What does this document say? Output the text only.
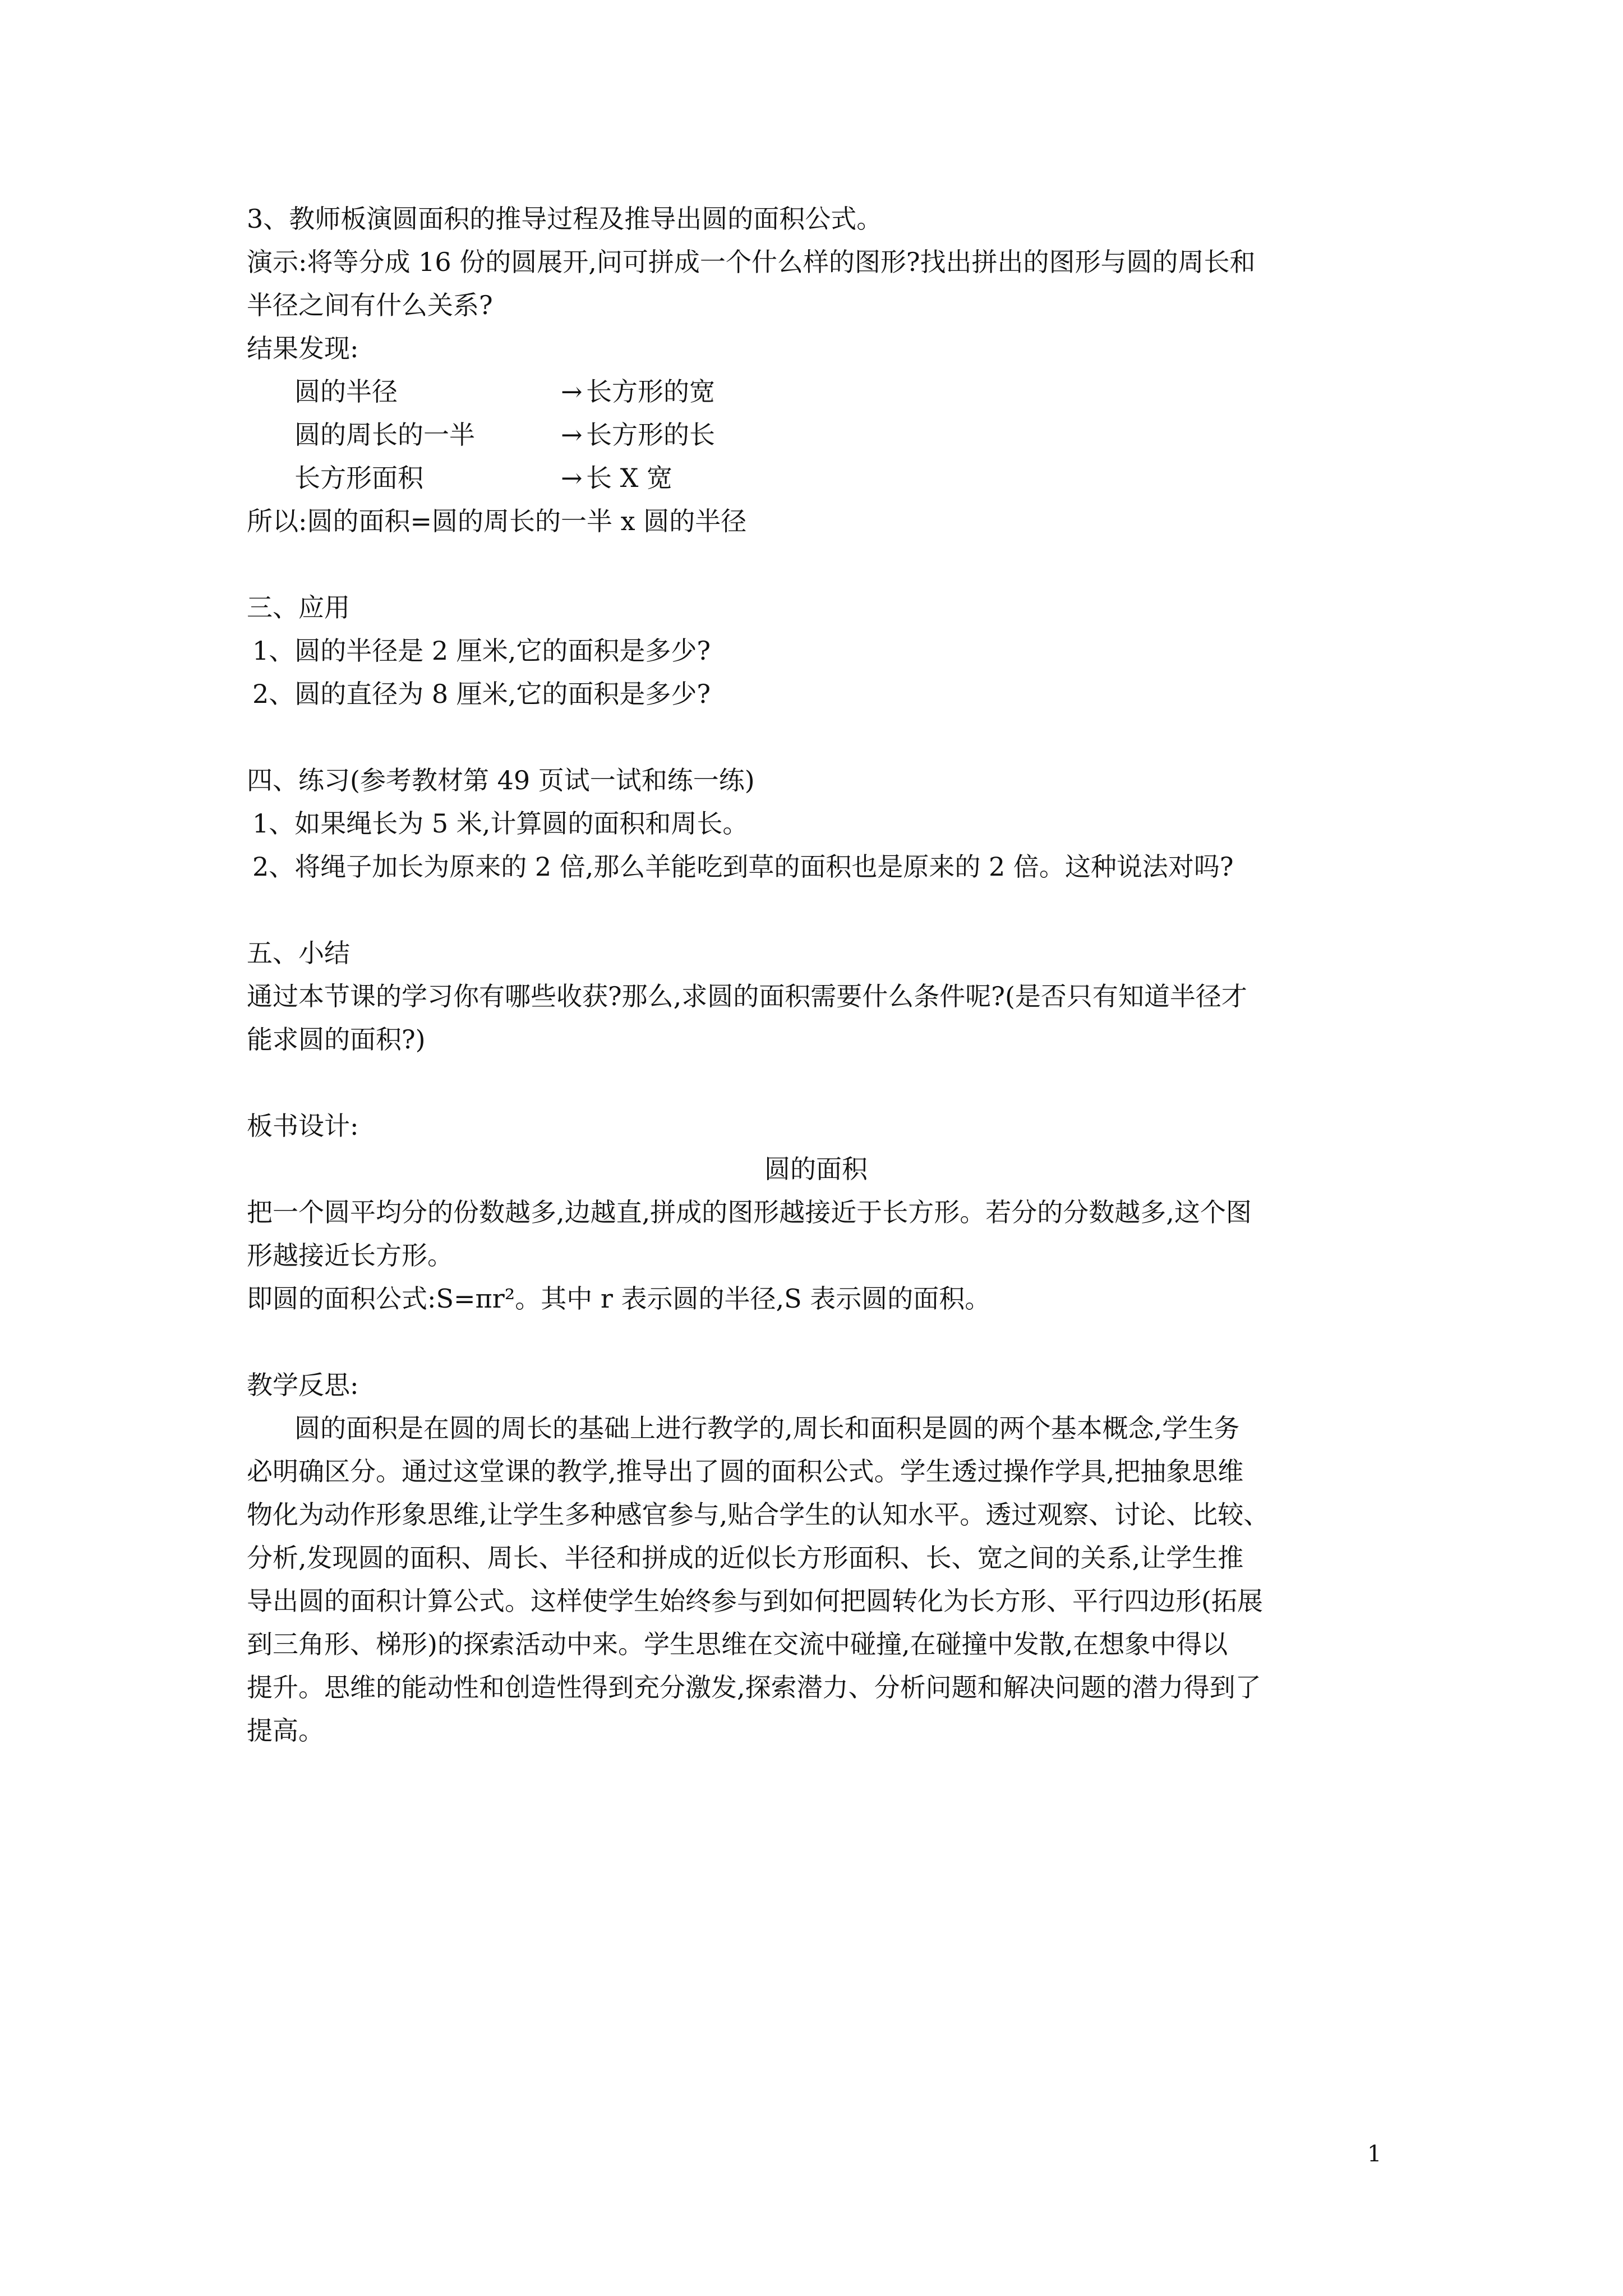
3、教师板演圆面积的推导过程及推导出圆的面积公式。
演示:将等分成 16 份的圆展开,问可拼成一个什么样的图形?找出拼出的图形与圆的周长和
半径之间有什么关系?
结果发现:
圆的半径	→ 长方形的宽
圆的周长的一半	→ 长方形的长
长方形面积	→ 长 X 宽
所以:圆的面积=圆的周长的一半 x 圆的半径
三、应用
1、圆的半径是 2 厘米,它的面积是多少?
2、圆的直径为 8 厘米,它的面积是多少?
四、练习(参考教材第 49 页试一试和练一练)
1、如果绳长为 5 米,计算圆的面积和周长。
2、将绳子加长为原来的 2 倍,那么羊能吃到草的面积也是原来的 2 倍。这种说法对吗?
五、小结
通过本节课的学习你有哪些收获?那么,求圆的面积需要什么条件呢?(是否只有知道半径才
能求圆的面积?)
板书设计:
圆的面积
把一个圆平均分的份数越多,边越直,拼成的图形越接近于长方形。若分的分数越多,这个图
形越接近长方形。
即圆的面积公式:S=πr²。其中 r 表示圆的半径,S 表示圆的面积。
教学反思:
圆的面积是在圆的周长的基础上进行教学的,周长和面积是圆的两个基本概念,学生务
必明确区分。通过这堂课的教学,推导出了圆的面积公式。学生透过操作学具,把抽象思维
物化为动作形象思维,让学生多种感官参与,贴合学生的认知水平。透过观察、讨论、比较、
分析,发现圆的面积、周长、半径和拼成的近似长方形面积、长、宽之间的关系,让学生推
导出圆的面积计算公式。这样使学生始终参与到如何把圆转化为长方形、平行四边形(拓展
到三角形、梯形)的探索活动中来。学生思维在交流中碰撞,在碰撞中发散,在想象中得以
提升。思维的能动性和创造性得到充分激发,探索潜力、分析问题和解决问题的潜力得到了
提高。
1
